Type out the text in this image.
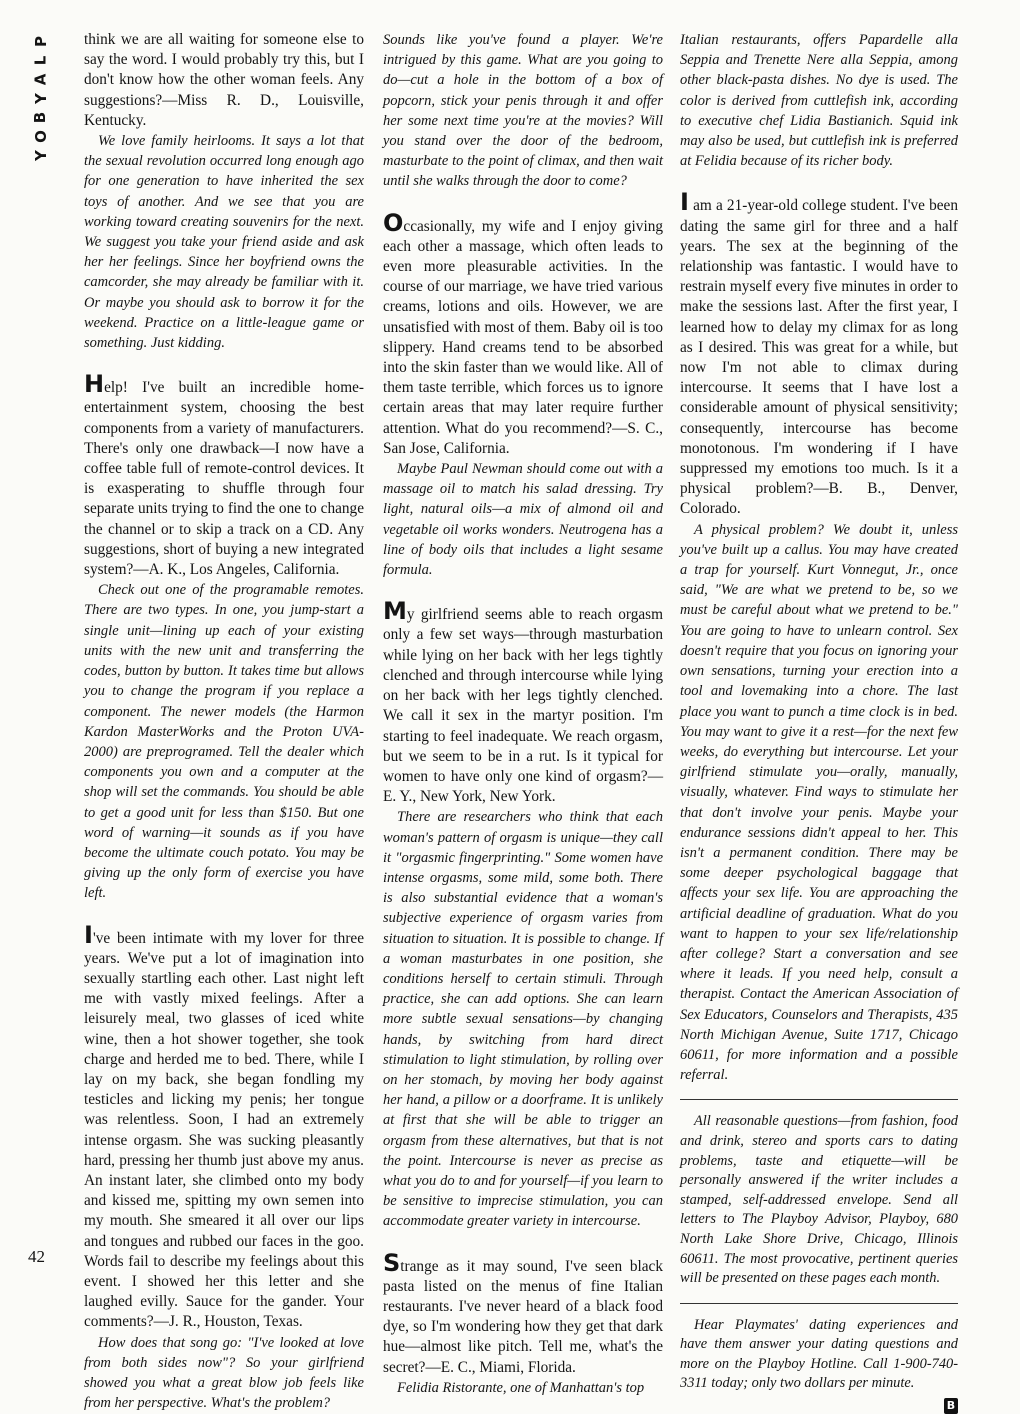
P
L
A
Y
B
O
Y
42

think we are all waiting for someone else to say the word. I would probably try this, but I don't know how the other woman feels. Any suggestions?—Miss R. D., Louisville, Kentucky.

We love family heirlooms. It says a lot that the sexual revolution occurred long enough ago for one generation to have inherited the sex toys of another. And we see that you are working toward creating souvenirs for the next. We suggest you take your friend aside and ask her her feelings. Since her boyfriend owns the camcorder, she may already be familiar with it. Or maybe you should ask to borrow it for the weekend. Practice on a little-league game or something. Just kidding.

Help! I've built an incredible home-entertainment system, choosing the best components from a variety of manufacturers. There's only one drawback—I now have a coffee table full of remote-control devices. It is exasperating to shuffle through four separate units trying to find the one to change the channel or to skip a track on a CD. Any suggestions, short of buying a new integrated system?—A. K., Los Angeles, California.

Check out one of the programable remotes. There are two types. In one, you jump-start a single unit—lining up each of your existing units with the new unit and transferring the codes, button by button. It takes time but allows you to change the program if you replace a component. The newer models (the Harmon Kardon MasterWorks and the Proton UVA-2000) are preprogramed. Tell the dealer which components you own and a computer at the shop will set the commands. You should be able to get a good unit for less than $150. But one word of warning—it sounds as if you have become the ultimate couch potato. You may be giving up the only form of exercise you have left.

I've been intimate with my lover for three years. We've put a lot of imagination into sexually startling each other. Last night left me with vastly mixed feelings. After a leisurely meal, two glasses of iced white wine, then a hot shower together, she took charge and herded me to bed. There, while I lay on my back, she began fondling my testicles and licking my penis; her tongue was relentless. Soon, I had an extremely intense orgasm. She was sucking pleasantly hard, pressing her thumb just above my anus. An instant later, she climbed onto my body and kissed me, spitting my own semen into my mouth. She smeared it all over our lips and tongues and rubbed our faces in the goo. Words fail to describe my feelings about this event. I showed her this letter and she laughed evilly. Sauce for the gander. Your comments?—J. R., Houston, Texas.

How does that song go: "I've looked at love from both sides now"? So your girlfriend showed you what a great blow job feels like from her perspective. What's the problem?

Sounds like you've found a player. We're intrigued by this game. What are you going to do—cut a hole in the bottom of a box of popcorn, stick your penis through it and offer her some next time you're at the movies? Will you stand over the door of the bedroom, masturbate to the point of climax, and then wait until she walks through the door to come?

Occasionally, my wife and I enjoy giving each other a massage, which often leads to even more pleasurable activities. In the course of our marriage, we have tried various creams, lotions and oils. However, we are unsatisfied with most of them. Baby oil is too slippery. Hand creams tend to be absorbed into the skin faster than we would like. All of them taste terrible, which forces us to ignore certain areas that may later require further attention. What do you recommend?—S. C., San Jose, California.

Maybe Paul Newman should come out with a massage oil to match his salad dressing. Try light, natural oils—a mix of almond oil and vegetable oil works wonders. Neutrogena has a line of body oils that includes a light sesame formula.

My girlfriend seems able to reach orgasm only a few set ways—through masturbation while lying on her back with her legs tightly clenched and through intercourse while lying on her back with her legs tightly clenched. We call it sex in the martyr position. I'm starting to feel inadequate. We reach orgasm, but we seem to be in a rut. Is it typical for women to have only one kind of orgasm?—E. Y., New York, New York.

There are researchers who think that each woman's pattern of orgasm is unique—they call it "orgasmic fingerprinting." Some women have intense orgasms, some mild, some both. There is also substantial evidence that a woman's subjective experience of orgasm varies from situation to situation. It is possible to change. If a woman masturbates in one position, she conditions herself to certain stimuli. Through practice, she can add options. She can learn more subtle sexual sensations—by changing hands, by switching from hard direct stimulation to light stimulation, by rolling over on her stomach, by moving her body against her hand, a pillow or a doorframe. It is unlikely at first that she will be able to trigger an orgasm from these alternatives, but that is not the point. Intercourse is never as precise as what you do to and for yourself—if you learn to be sensitive to imprecise stimulation, you can accommodate greater variety in intercourse.

Strange as it may sound, I've seen black pasta listed on the menus of fine Italian restaurants. I've never heard of a black food dye, so I'm wondering how they get that dark hue—almost like pitch. Tell me, what's the secret?—E. C., Miami, Florida.

Felidia Ristorante, one of Manhattan's top

Italian restaurants, offers Papardelle alla Seppia and Trenette Nere alla Seppia, among other black-pasta dishes. No dye is used. The color is derived from cuttlefish ink, according to executive chef Lidia Bastianich. Squid ink may also be used, but cuttlefish ink is preferred at Felidia because of its richer body.

I am a 21-year-old college student. I've been dating the same girl for three and a half years. The sex at the beginning of the relationship was fantastic. I would have to restrain myself every five minutes in order to make the sessions last. After the first year, I learned how to delay my climax for as long as I desired. This was great for a while, but now I'm not able to climax during intercourse. It seems that I have lost a considerable amount of physical sensitivity; consequently, intercourse has become monotonous. I'm wondering if I have suppressed my emotions too much. Is it a physical problem?—B. B., Denver, Colorado.

A physical problem? We doubt it, unless you've built up a callus. You may have created a trap for yourself. Kurt Vonnegut, Jr., once said, "We are what we pretend to be, so we must be careful about what we pretend to be." You are going to have to unlearn control. Sex doesn't require that you focus on ignoring your own sensations, turning your erection into a tool and lovemaking into a chore. The last place you want to punch a time clock is in bed. You may want to give it a rest—for the next few weeks, do everything but intercourse. Let your girlfriend stimulate you—orally, manually, visually, whatever. Find ways to stimulate her that don't involve your penis. Maybe your endurance sessions didn't appeal to her. This isn't a permanent condition. There may be some deeper psychological baggage that affects your sex life. You are approaching the artificial deadline of graduation. What do you want to happen to your sex life/relationship after college? Start a conversation and see where it leads. If you need help, consult a therapist. Contact the American Association of Sex Educators, Counselors and Therapists, 435 North Michigan Avenue, Suite 1717, Chicago 60611, for more information and a possible referral.

All reasonable questions—from fashion, food and drink, stereo and sports cars to dating problems, taste and etiquette—will be personally answered if the writer includes a stamped, self-addressed envelope. Send all letters to The Playboy Advisor, Playboy, 680 North Lake Shore Drive, Chicago, Illinois 60611. The most provocative, pertinent queries will be presented on these pages each month.

Hear Playmates' dating experiences and have them answer your dating questions and more on the Playboy Hotline. Call 1-900-740-3311 today; only two dollars per minute.

B
